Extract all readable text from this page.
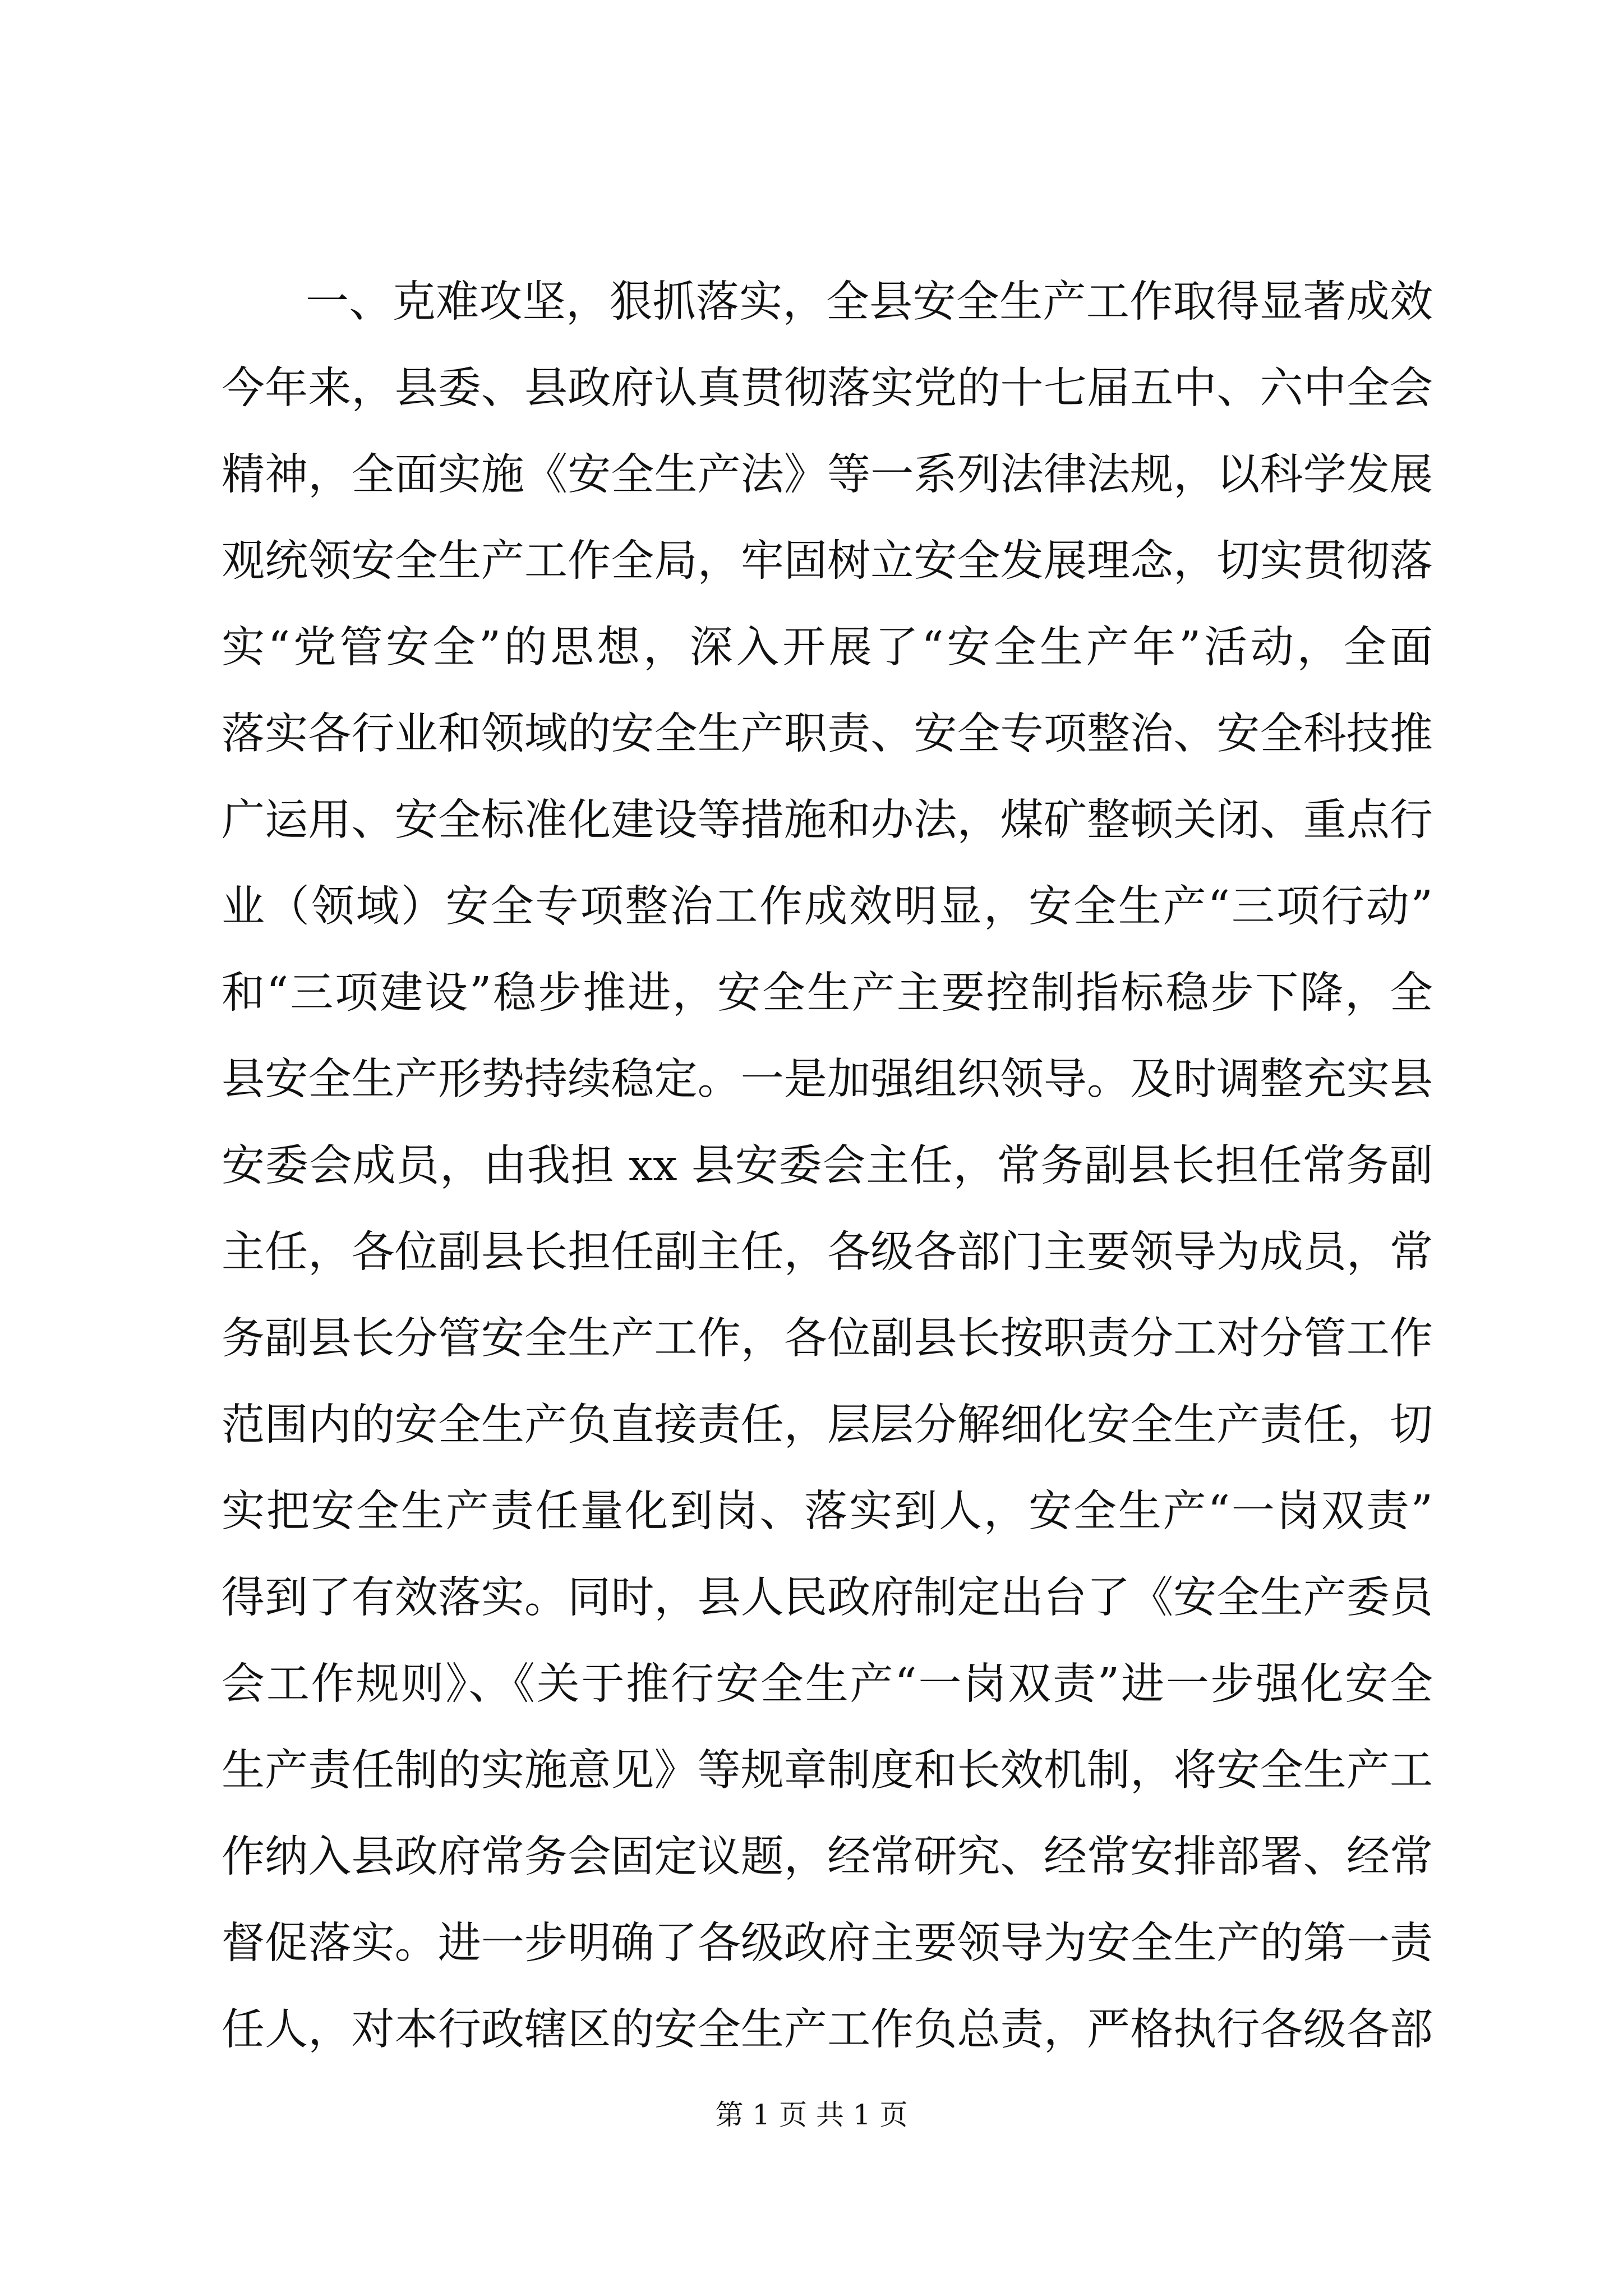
一、克难攻坚，狠抓落实，全县安全生产工作取得显著成效
今年来，县委、县政府认真贯彻落实党的十七届五中、六中全会
精神，全面实施《安全生产法》等一系列法律法规，以科学发展
观统领安全生产工作全局，牢固树立安全发展理念，切实贯彻落
实“党管安全”的思想，深入开展了“安全生产年”活动，全面
落实各行业和领域的安全生产职责、安全专项整治、安全科技推
广运用、安全标准化建设等措施和办法，煤矿整顿关闭、重点行
业（领域）安全专项整治工作成效明显，安全生产“三项行动”
和“三项建设”稳步推进，安全生产主要控制指标稳步下降，全
县安全生产形势持续稳定。一是加强组织领导。及时调整充实县
安委会成员，由我担 xx 县安委会主任，常务副县长担任常务副
主任，各位副县长担任副主任，各级各部门主要领导为成员，常
务副县长分管安全生产工作，各位副县长按职责分工对分管工作
范围内的安全生产负直接责任，层层分解细化安全生产责任，切
实把安全生产责任量化到岗、落实到人，安全生产“一岗双责”
得到了有效落实。同时，县人民政府制定出台了《安全生产委员
会工作规则》、《关于推行安全生产“一岗双责”进一步强化安全
生产责任制的实施意见》等规章制度和长效机制，将安全生产工
作纳入县政府常务会固定议题，经常研究、经常安排部署、经常
督促落实。进一步明确了各级政府主要领导为安全生产的第一责
任人，对本行政辖区的安全生产工作负总责，严格执行各级各部
第 1 页 共 1 页
